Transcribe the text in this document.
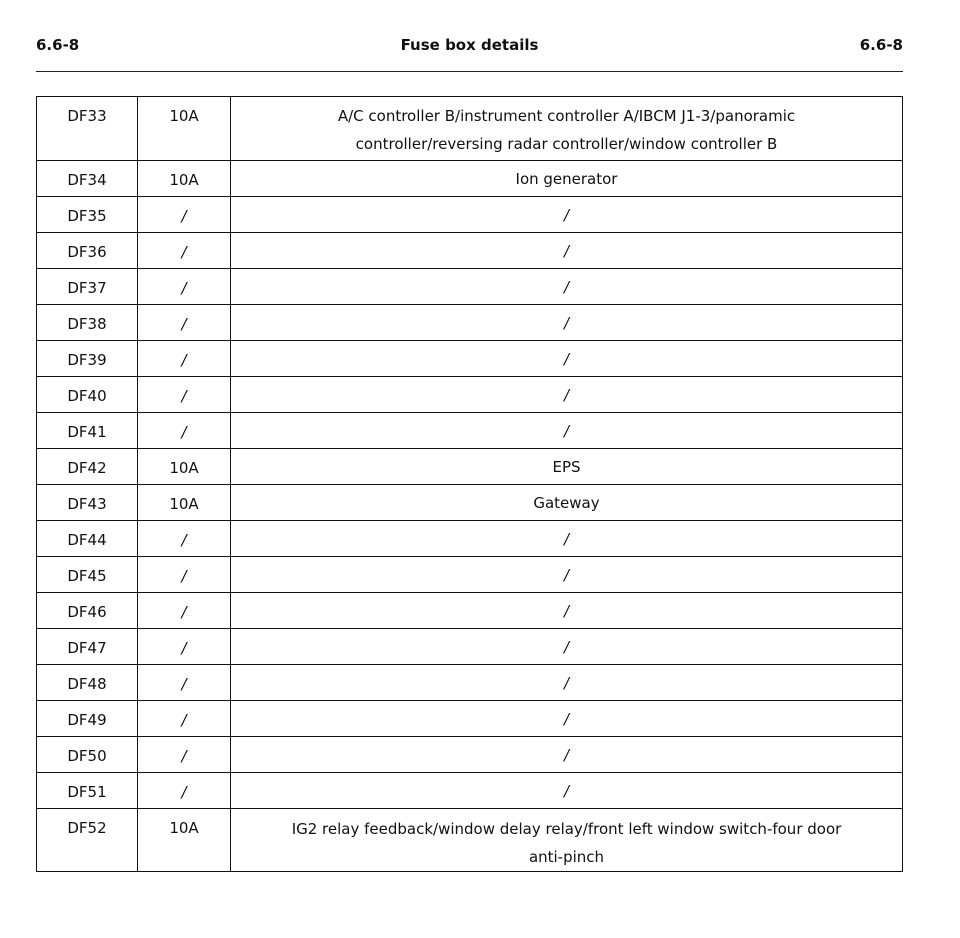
6.6-8	Fuse box details	6.6-8
DF33	10A	A/C controller B/instrument controller A/IBCM J1-3/panoramic
controller/reversing radar controller/window controller B

DF34	10A	Ion generator
DF35	/	/
DF36	/	/
DF37	/	/
DF38	/	/
DF39	/	/
DF40	/	/
DF41	/	/
DF42	10A	EPS
DF43	10A	Gateway
DF44	/	/
DF45	/	/
DF46	/	/
DF47	/	/
DF48	/	/
DF49	/	/
DF50	/	/
DF51	/	/
DF52	10A	IG2 relay feedback/window delay relay/front left window switch-four door
anti-pinch
